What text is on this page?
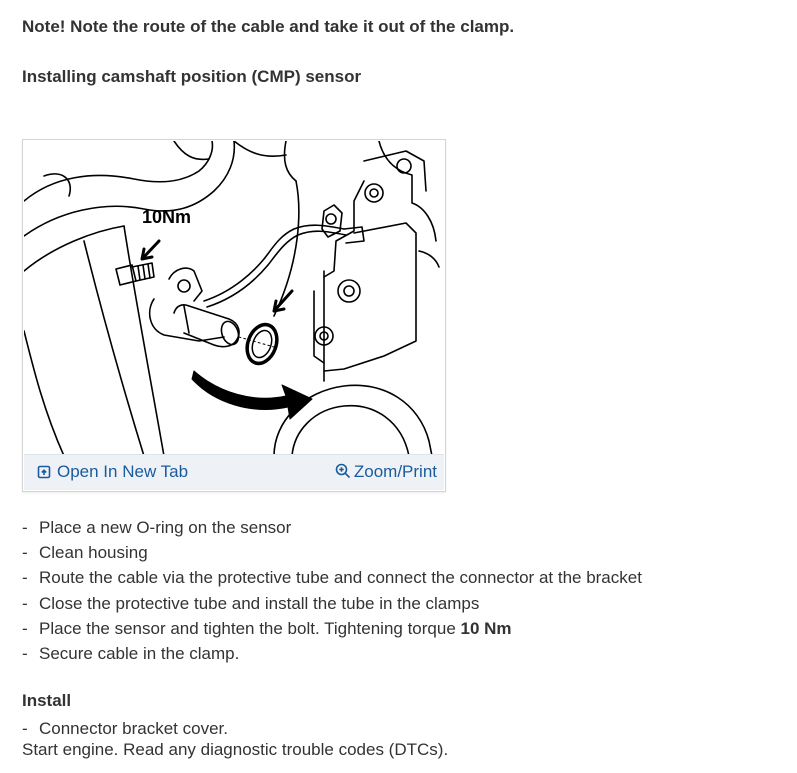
Note! Note the route of the cable and take it out of the clamp.
Installing camshaft position (CMP) sensor
10Nm
Open In New Tab	Zoom/Print
- Place a new O-ring on the sensor
- Clean housing
- Route the cable via the protective tube and connect the connector at the bracket
- Close the protective tube and install the tube in the clamps
- Place the sensor and tighten the bolt. Tightening torque 10 Nm
- Secure cable in the clamp.
Install
- Connector bracket cover.
Start engine. Read any diagnostic trouble codes (DTCs).
